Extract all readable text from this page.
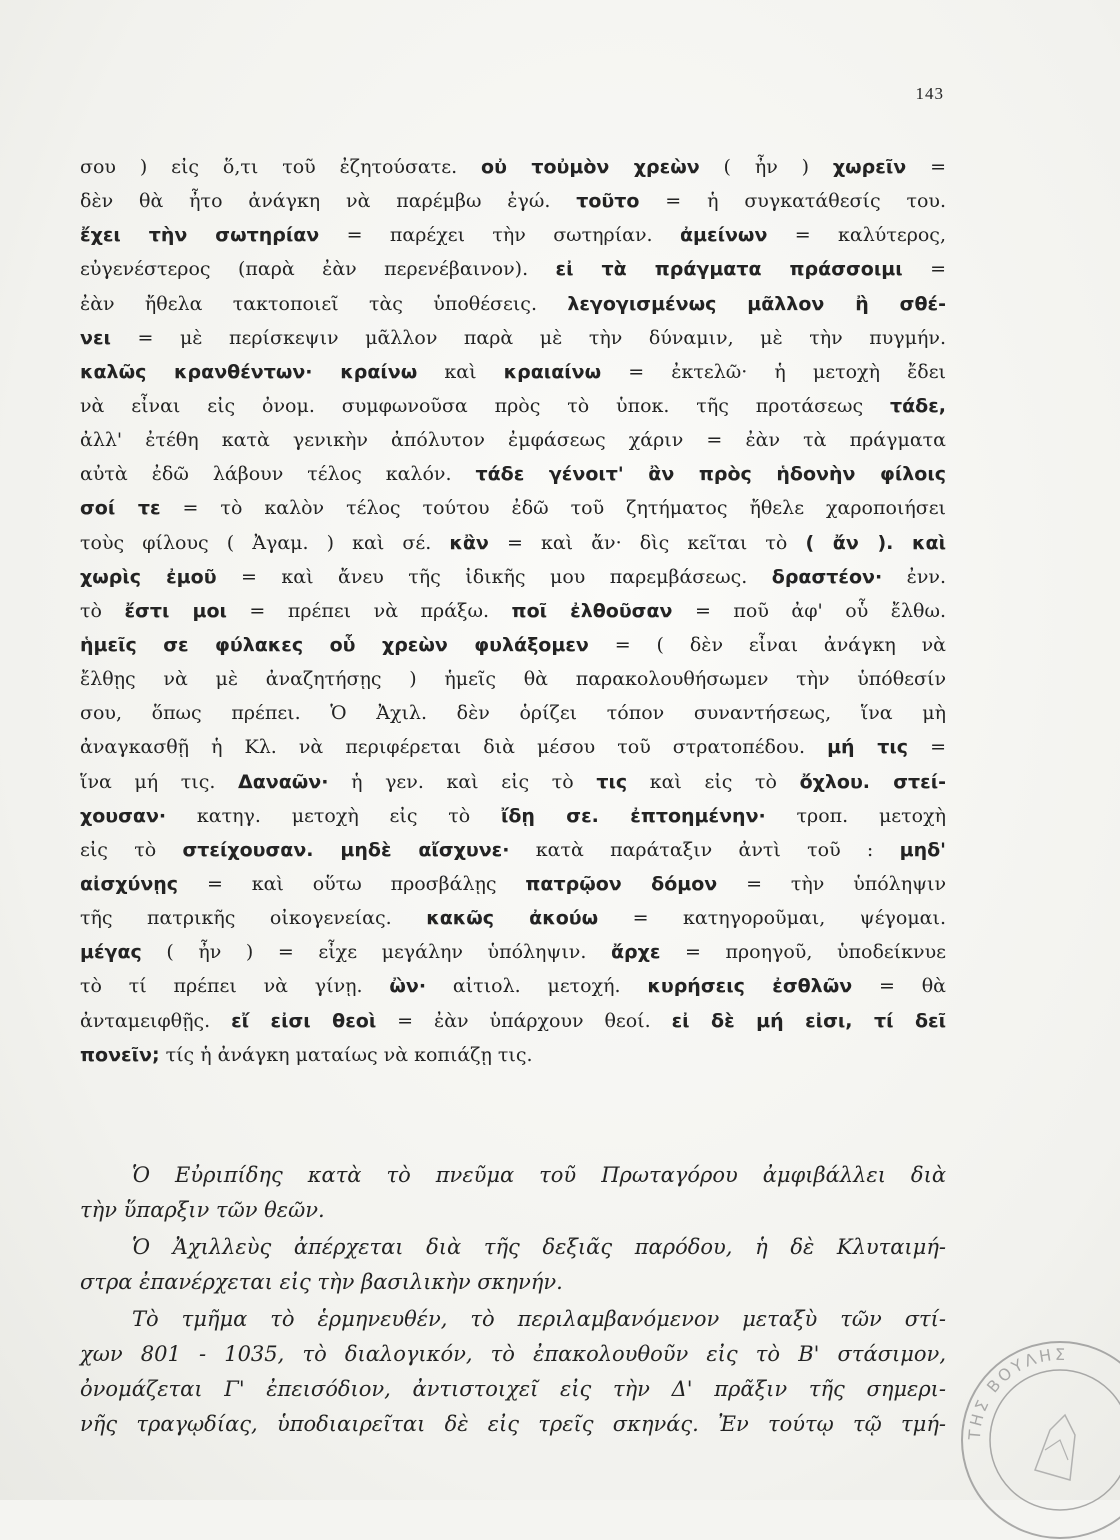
143
σου ) εἰς ὅ,τι τοῦ ἐζητούσατε. οὐ τοὐμὸν χρεὼν ( ἦν ) χωρεῖν =
δὲν θὰ ἦτο ἀνάγκη νὰ παρέμβω ἐγώ. τοῦτο = ἡ συγκατάθεσίς του.
ἔχει τὴν σωτηρίαν = παρέχει τὴν σωτηρίαν. ἀμείνων = καλύτερος,
εὐγενέστερος (παρὰ ἐὰν περενέβαινον). εἰ τὰ πράγματα πράσσοιμι =
ἐὰν ἤθελα τακτοποιεῖ τὰς ὑποθέσεις. λεγογισμένως μᾶλλον ἢ σθέ-
νει = μὲ περίσκεψιν μᾶλλον παρὰ μὲ τὴν δύναμιν, μὲ τὴν πυγμήν.
καλῶς κρανθέντων· κραίνω καὶ κραιαίνω = ἐκτελῶ· ἡ μετοχὴ ἔδει
νὰ εἶναι εἰς ὀνομ. συμφωνοῦσα πρὸς τὸ ὑποκ. τῆς προτάσεως τάδε,
ἀλλ' ἐτέθη κατὰ γενικὴν ἀπόλυτον ἐμφάσεως χάριν = ἐὰν τὰ πράγματα
αὐτὰ ἐδῶ λάβουν τέλος καλόν. τάδε γένοιτ' ἂν πρὸς ἡδονὴν φίλοις
σοί τε = τὸ καλὸν τέλος τούτου ἐδῶ τοῦ ζητήματος ἤθελε χαροποιήσει
τοὺς φίλους ( Ἀγαμ. ) καὶ σέ. κἂν = καὶ ἄν· δὶς κεῖται τὸ ( ἄν ). καὶ
χωρὶς ἐμοῦ = καὶ ἄνευ τῆς ἰδικῆς μου παρεμβάσεως. δραστέον· ἐνν.
τὸ ἔστι μοι = πρέπει νὰ πράξω. ποῖ ἐλθοῦσαν = ποῦ ἀφ' οὗ ἔλθω.
ἡμεῖς σε φύλακες οὗ χρεὼν φυλάξομεν = ( δὲν εἶναι ἀνάγκη νὰ
ἔλθῃς νὰ μὲ ἀναζητήσῃς ) ἡμεῖς θὰ παρακολουθήσωμεν τὴν ὑπόθεσίν
σου, ὅπως πρέπει. Ὁ Ἀχιλ. δὲν ὁρίζει τόπον συναντήσεως, ἵνα μὴ
ἀναγκασθῇ ἡ Κλ. νὰ περιφέρεται διὰ μέσου τοῦ στρατοπέδου. μή τις =
ἵνα μή τις. Δαναῶν· ἡ γεν. καὶ εἰς τὸ τις καὶ εἰς τὸ ὄχλου. στεί-
χουσαν· κατηγ. μετοχὴ εἰς τὸ ἴδῃ σε. ἐπτοημένην· τροπ. μετοχὴ
εἰς τὸ στείχουσαν. μηδὲ αἴσχυνε· κατὰ παράταξιν ἀντὶ τοῦ : μηδ'
αἰσχύνῃς = καὶ οὕτω προσβάλῃς πατρῷον δόμον = τὴν ὑπόληψιν
τῆς πατρικῆς οἰκογενείας. κακῶς ἀκούω = κατηγοροῦμαι, ψέγομαι.
μέγας ( ἦν ) = εἶχε μεγάλην ὑπόληψιν. ἄρχε = προηγοῦ, ὑποδείκνυε
τὸ τί πρέπει νὰ γίνῃ. ὢν· αἰτιολ. μετοχή. κυρήσεις ἐσθλῶν = θὰ
ἀνταμειφθῇς. εἴ εἰσι θεοὶ = ἐὰν ὑπάρχουν θεοί. εἰ δὲ μή εἰσι, τί δεῖ
πονεῖν; τίς ἡ ἀνάγκη ματαίως νὰ κοπιάζῃ τις.
Ὁ Εὐριπίδης κατὰ τὸ πνεῦμα τοῦ Πρωταγόρου ἀμφιβάλλει διὰ
τὴν ὕπαρξιν τῶν θεῶν.
Ὁ Ἀχιλλεὺς ἀπέρχεται διὰ τῆς δεξιᾶς παρόδου, ἡ δὲ Κλυταιμή-
στρα ἐπανέρχεται εἰς τὴν βασιλικὴν σκηνήν.
Τὸ τμῆμα τὸ ἑρμηνευθέν, τὸ περιλαμβανόμενον μεταξὺ τῶν στί-
χων 801 - 1035, τὸ διαλογικόν, τὸ ἐπακολουθοῦν εἰς τὸ Β' στάσιμον,
ὀνομάζεται Γ' ἐπεισόδιον, ἀντιστοιχεῖ εἰς τὴν Δ' πρᾶξιν τῆς σημερι-
νῆς τραγῳδίας, ὑποδιαιρεῖται δὲ εἰς τρεῖς σκηνάς. Ἐν τούτῳ τῷ τμή- ΤΗΣ ΒΟΥΛΗΣ
